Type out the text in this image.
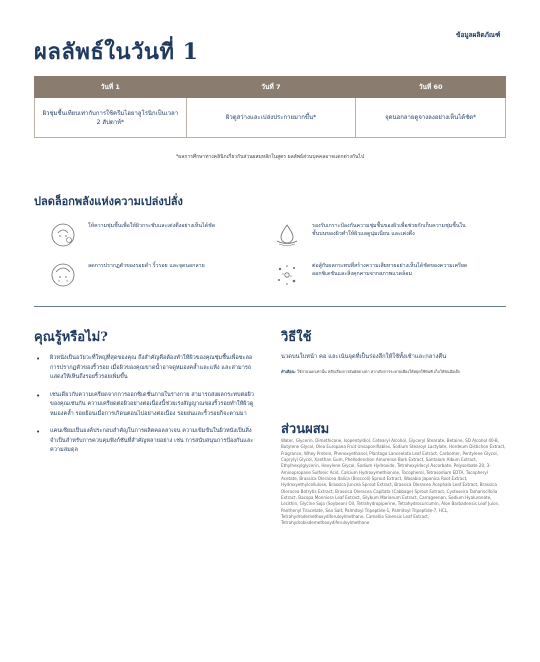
ข้อมูลผลิตภัณฑ์
ผลลัพธ์ในวันที่ 1
วันที่ 1	วันที่ 7	วันที่ 60
ผิวชุ่มชื้นเทียบเท่ากับการใช้ครีมไฮยาลูโรนิกเป็นเวลา 2 สัปดาห์*	ผิวดูสว่างและเปล่งประกายมากขึ้น*	จุดนอกลายดูจางลงอย่างเห็นได้ชัด*

*ผลการศึกษาทางคลินิกเกี่ยวกับส่วนผสมหลักในสูตร ผลลัพธ์ส่วนบุคคลอาจแตกต่างกันไป

ปลดล็อกพลังแห่งความเปล่งปลั่ง

ให้ความชุ่มชื้นเพื่อให้ผิวกระชับและเต่งตึงอย่างเห็นได้ชัด	รองรับเกราะป้องกันความชุ่มชื้นของผิวเพื่อช่วยกักเก็บความชุ่มชื้นในชั้นบนของผิวทำให้ผิวแลดูนุ่มเนียน และเต่งตึง

ลดการปรากฏตัวของรอยดำ ริ้วรอย และจุดนอกลาย	ต่อสู้กับผลกระทบที่สร้างความเสียหายอย่างเห็นได้ชัดของความเครียดออกซิเดชันและสิ่งคุกคามจากสภาพแวดล้อม

คุณรู้หรือไม่?
• ผิวหนังเป็นอวัยวะที่ใหญ่ที่สุดของคุณ ถึงสำคัญคือต้องทำให้ผิวของคุณชุ่มชื้นเพื่อชะลอการปรากฏตัวของริ้วรอย เมื่อผิวของคุณขาดน้ำอาจดูหมองคล้ำและแห้ง และสามารถแสดงให้เห็นถึงรอยริ้วรอยเพิ่มขึ้น
• เช่นเดียวกับความเครียดจากการออกซิเดชั่นภายในร่างกาย สามารถส่งผลกระทบต่อผิวของคุณเช่นกัน ความเครียดต่อผิวอย่างต่อเนื่องนี้ช่วยเร่งสัญญาณของริ้วรอยทำให้ผิวดูหมองคล้ำ รอยย้อนเมื่อการเกิดนตอนไปอย่างต่อเนื่อง รอยย่นและริ้วรอยก็จะตามมา
• แคนเซียมเป็นองค์ประกอบสำคัญในการผลิตคอลลาเจน ความเข้มข้นในผิวหนังเป็นสิ่งจำเป็นสำหรับการควบคุมฟังก์ชันที่สำคัญหลายอย่าง เช่น การสนับสนุนการป้องกันและความสมดุล
วิธีใช้

นวดบนใบหน้า คอ และเน้นจุดที่เป็นร่องลึกให้ใช้ทั้งเช้าและกลางคืน

คำเตือน: ใช้ภายนอกเท่านั้น หลีกเลี่ยงการสัมผัสดวงตา หากเกิดการระคายเคืองให้หยุดใช้ทันที เก็บให้พ้นมือเด็ก

ส่วนผสม

Water, Glycerin, Dimethicone, Isopentyldiol, Cetearyl Alcohol, Glyceryl Stearate, Betaine, SD Alcohol 40-B, Butylene Glycol, Olea Europaea Fruit Unsaponifiables, Sodium Stearoyl Lactylate, Hordeum Distichon Extract, Fragrance, Whey Protein, Phenoxyethanol, Plantago Lanceolata Leaf Extract, Carbomer, Pentylene Glycol, Caprylyl Glycol, Xanthan Gum, Phellodendron Amurense Bark Extract, Santalum Album Extract, Ethylhexylglycerin, Hexylene Glycol, Sodium Hydroxide, Tetrahexyldecyl Ascorbate, Polysorbate 20, 3-Aminopropane Sulfonic Acid, Calcium Hydroxymethionine, Tocopherol, Tetrasodium EDTA, Tocopheryl Acetate, Brassica Oleracea Italica (Broccoli) Sprout Extract, Wasabia Japonica Root Extract, Hydroxyethylcellulose, Brassica Juncea Sprout Extract, Brassica Oleracea Acephala Leaf Extract, Brassica Oleracea Botrytis Extract, Brassica Oleracea Capitata (Cabbage) Sprout Extract, Cystoseira Tamariscifolia Extract, Bacopa Monniera Leaf Extract, Silybum Marianum Extract, Carrageenan, Sodium Hyaluronate, Lecithin, Glycine Soja (Soybean) Oil, Tetrahydropiperine, Tetrahydrocurcumin, Aloe Barbadensis Leaf Juice, Panthenyl Triacetate, Sea Salt, Palmitoyl Tripeptide-1, Palmitoyl Tripeptide-7, HCL, Tetrahydrodemethoxydiferuloylmethane, Camellia Sinensis Leaf Extract, Tetrahydrobisdemethoxydiferuloylmethane
